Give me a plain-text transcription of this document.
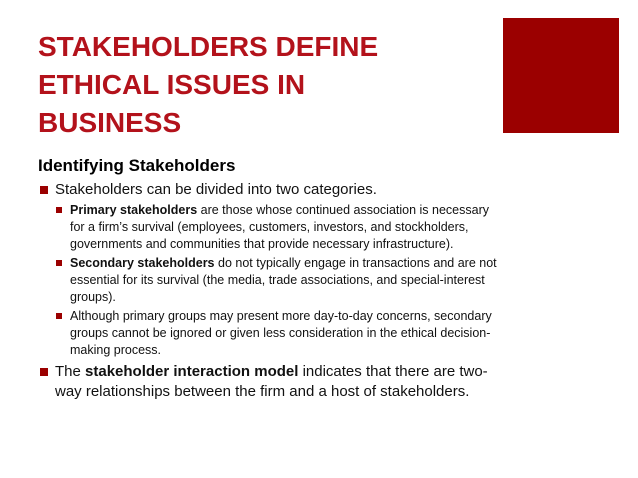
STAKEHOLDERS DEFINE
ETHICAL ISSUES IN
BUSINESS
Identifying Stakeholders
Stakeholders can be divided into two categories.
Primary stakeholders are those whose continued association is necessary for a firm’s survival (employees, customers, investors, and stockholders, governments and communities that provide necessary infrastructure).
Secondary stakeholders do not typically engage in transactions and are not essential for its survival (the media, trade associations, and special-interest groups).
Although primary groups may present more day-to-day concerns, secondary groups cannot be ignored or given less consideration in the ethical decision-making process.
The stakeholder interaction model indicates that there are two-way relationships between the firm and a host of stakeholders.
